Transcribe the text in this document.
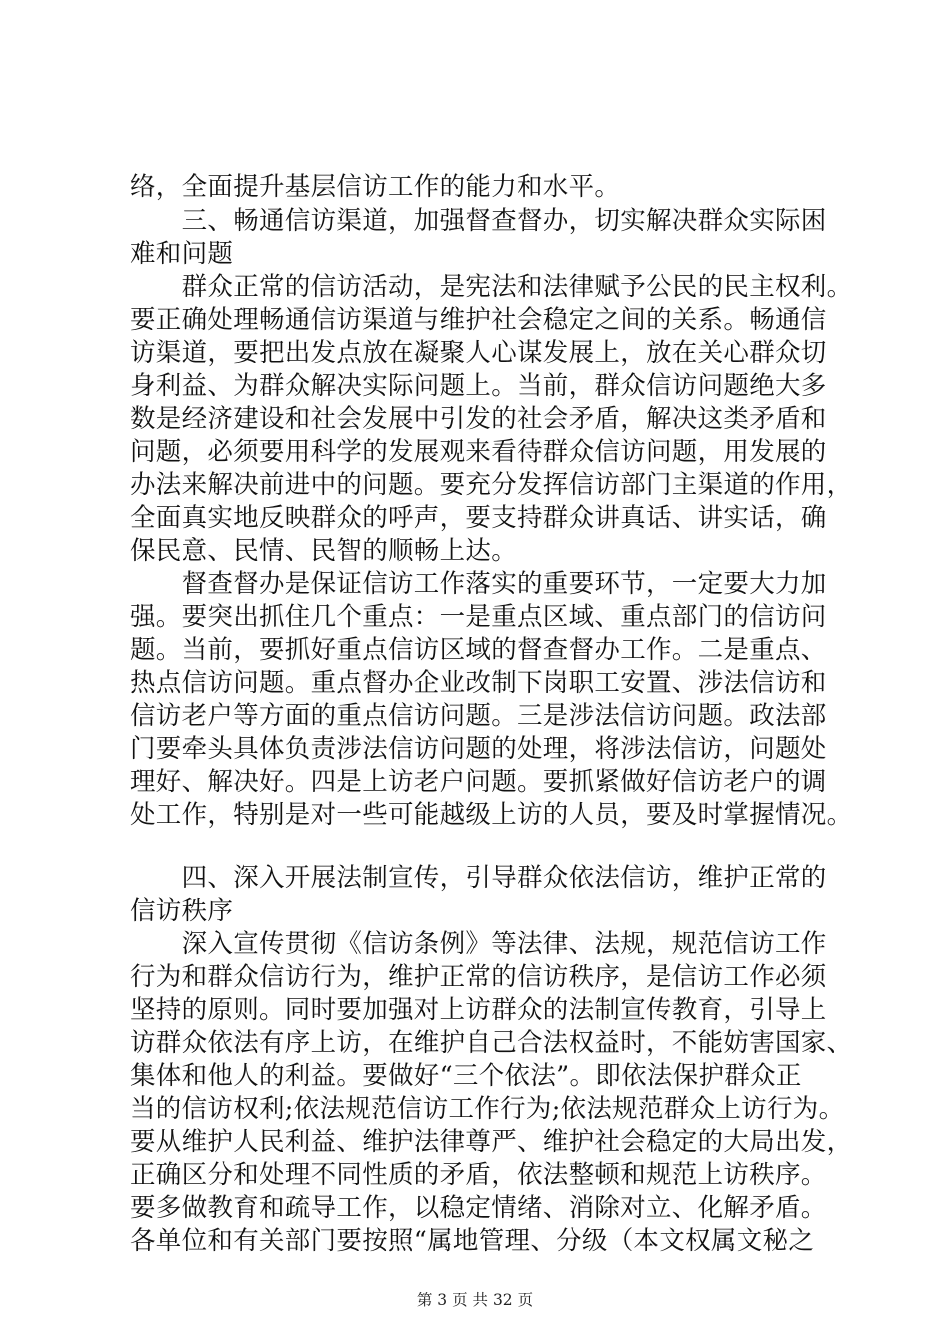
络，全面提升基层信访工作的能力和水平。
　　三、畅通信访渠道，加强督查督办，切实解决群众实际困
难和问题
　　群众正常的信访活动，是宪法和法律赋予公民的民主权利。
要正确处理畅通信访渠道与维护社会稳定之间的关系。畅通信
访渠道，要把出发点放在凝聚人心谋发展上，放在关心群众切
身利益、为群众解决实际问题上。当前，群众信访问题绝大多
数是经济建设和社会发展中引发的社会矛盾，解决这类矛盾和
问题，必须要用科学的发展观来看待群众信访问题，用发展的
办法来解决前进中的问题。要充分发挥信访部门主渠道的作用，
全面真实地反映群众的呼声，要支持群众讲真话、讲实话，确
保民意、民情、民智的顺畅上达。
　　督查督办是保证信访工作落实的重要环节，一定要大力加
强。要突出抓住几个重点：一是重点区域、重点部门的信访问
题。当前，要抓好重点信访区域的督查督办工作。二是重点、
热点信访问题。重点督办企业改制下岗职工安置、涉法信访和
信访老户等方面的重点信访问题。三是涉法信访问题。政法部
门要牵头具体负责涉法信访问题的处理，将涉法信访，问题处
理好、解决好。四是上访老户问题。要抓紧做好信访老户的调
处工作，特别是对一些可能越级上访的人员，要及时掌握情况。
　　四、深入开展法制宣传，引导群众依法信访，维护正常的
信访秩序
　　深入宣传贯彻《信访条例》等法律、法规，规范信访工作
行为和群众信访行为，维护正常的信访秩序，是信访工作必须
坚持的原则。同时要加强对上访群众的法制宣传教育，引导上
访群众依法有序上访，在维护自己合法权益时，不能妨害国家、
集体和他人的利益。要做好“三个依法”。即依法保护群众正
当的信访权利;依法规范信访工作行为;依法规范群众上访行为。
要从维护人民利益、维护法律尊严、维护社会稳定的大局出发，
正确区分和处理不同性质的矛盾，依法整顿和规范上访秩序。
要多做教育和疏导工作，以稳定情绪、消除对立、化解矛盾。
各单位和有关部门要按照“属地管理、分级（本文权属文秘之
第 3 页 共 32 页
